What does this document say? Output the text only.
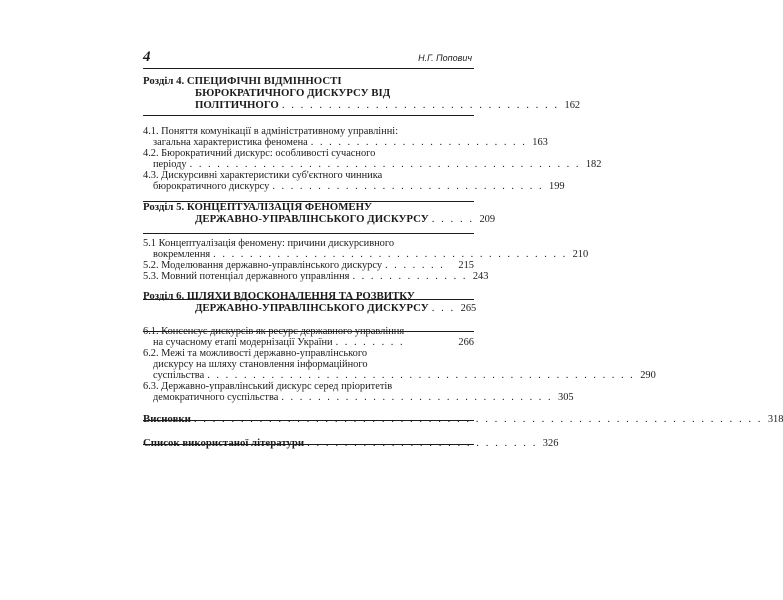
4	Н.Г. Попович
Розділ 4. СПЕЦИФІЧНІ ВІДМІННОСТІ
БЮРОКРАТИЧНОГО ДИСКУРСУ ВІД
ПОЛІТИЧНОГО . . . . . . . . . . . . . . . . . . . . . . . . . . . . . . 162
4.1. Поняття комунікації в адміністративному управлінні:
загальна характеристика феномена . . . . . . . . . . . . . . . . . . . . . . . . 163
4.2. Бюрократичний дискурс: особливості сучасного
періоду . . . . . . . . . . . . . . . . . . . . . . . . . . . . . . . . . . . . . . . . . . . 182
4.3. Дискурсивні характеристики суб'єктного чинника
бюрократичного дискурсу . . . . . . . . . . . . . . . . . . . . . . . . . . . . . . 199
Розділ 5. КОНЦЕПТУАЛІЗАЦІЯ ФЕНОМЕНУ
ДЕРЖАВНО-УПРАВЛІНСЬКОГО ДИСКУРСУ . . . . . 209
5.1 Концептуалізація феномену: причини дискурсивного
вокремлення . . . . . . . . . . . . . . . . . . . . . . . . . . . . . . . . . . . . . . . 210
5.2. Моделювання державно-управлінського дискурсу . . . . . . .	215
5.3. Мовний потенціал державного управління . . . . . . . . . . . . . 243
Розділ 6. ШЛЯХИ ВДОСКОНАЛЕННЯ ТА РОЗВИТКУ
ДЕРЖАВНО-УПРАВЛІНСЬКОГО ДИСКУРСУ . . . 265
6.1. Консенсус дискурсів як ресурс державного управління
на сучасному етапі модернізації України . . . . . . . .	266
6.2. Межі та можливості державно-управлінського
дискурсу на шляху становлення інформаційного
суспільства . . . . . . . . . . . . . . . . . . . . . . . . . . . . . . . . . . . . . . . . . . . . . . . 290
6.3. Державно-управлінський дискурс серед пріоритетів
демократичного суспільства . . . . . . . . . . . . . . . . . . . . . . . . . . . . . . 305
Висновки . . . . . . . . . . . . . . . . . . . . . . . . . . . . . . . . . . . . . . . . . . . . . . . . . . . . . . . . . . . . . 318
Список використаної літератури . . . . . . . . . . . . . . . . . . . . . . . . . 326
